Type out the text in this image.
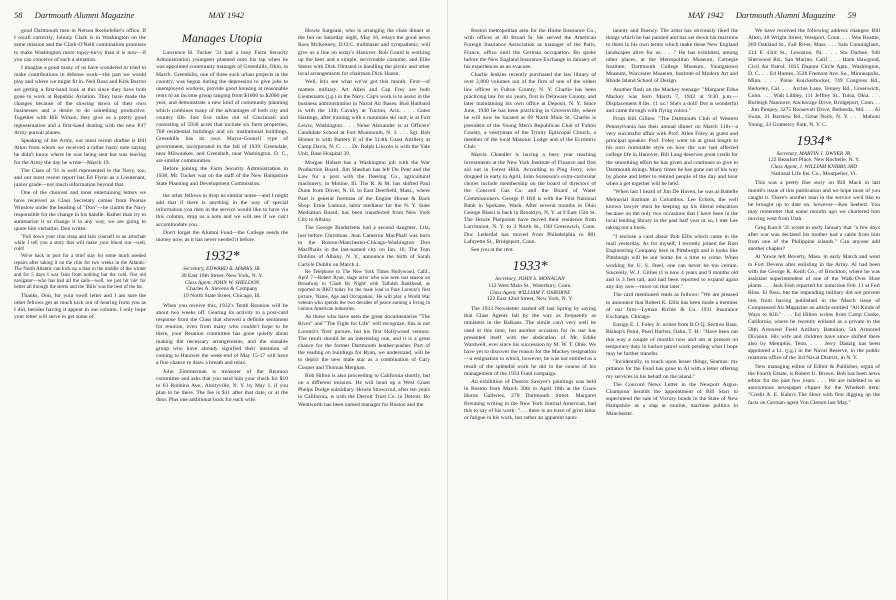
58 Dartmouth Alumni Magazine	MAY 1942

good Dartmouth men in Nelson Rockefeller's office. If I recall correctly, Johnny Clark is in Washington on the same mission and the Clark-O'Neill combination promises to make Washington more topsy-turvy than it is now—if you can conceive of such a situation.

I imagine a good many of us have wondered or tried to make contributions in defense work—the part we would play and where we might fit in. Neil Ross and Kirk Barron are getting a first-hand look at this since they have both gone to work at Republic Aviation. They have made the changes because of the slowing down of their own businesses and a desire to do something productive. Together with Bill Wilson, they give us a pretty good representation and a first-hand dealing with the new P47 Army pursuit planes.

Speaking of the Army, our most recent draftee is Bill Alton from whom we received a rather hasty note saying he didn't know where he was being sent but was leaving for the Army the day he wrote—March 19.

The Class of '31 is well represented in the Navy, too, and our most recent report has Ed Flynn as a Lieutenant, junior grade—not much information beyond that.

One of the choicest and most entertaining letters we have received as Class Secretary comes from Pearsie Winslow under the heading of "Don"—he claims the Navy responsible for the change in his handle. Rather than try to summarize it or change it in any way, we are going to quote him verbatim. Don writes:

"Pull down your chin strap and lash yourself in an armchair while I tell you a story that will make your blood run—well, cold!

We're back in port for a brief stay for some much needed repairs after taking it on the chin for two weeks in the Atlantic. The North Atlantic can kick up a dust in the middle of the winter and for 5 days I was faint from nothing but the cold. Our old navigator—who has had all the sails—well, we just hit 'ole' for better all through the storm and the 'Bills' was the best of the lot.

Thanks, Don, for your swell letter and I am sure the other fellows get as much kick out of hearing from you as I did, besides having it appear in our column. I only hope your letter will serve to get some of

Manages Utopia

Lawrence H. Tucker '31 had a busy Farm Security Administration youngster planned onto his lap when he was appointed community manager of Greenhills, Ohio, in March. Greenhills, one of three such urban projects in the country, was begun during the depression to give jobs to unemployed workers, provide good housing at reasonable rents to an income group ranging from $1000 to $2000 per year, and demonstrate a new kind of community planning which combines many of the advantages of both city and country life. Just five miles out of Cincinnati and consisting of 5930 acres that include six farm properties, 768 residential buildings and six institutional buildings, Greenhills has its own Mayor-Council type of government, incorporated in the fall of 1939. Greendale, near Milwaukee, and Greenbelt, near Washington, D. C., are similar communities.

Before joining the Farm Security Administration in 1938, Mr. Tucker was on the staff of the New Hampshire State Planning and Development Commission.

the other fellows to drop us similar notes—and I might add that if there is anything in the way of special information you men in the service would like to have via this column, drop us a note and we will see if we can't accommodate you.

Don't forget the Alumni Fund—the College needs the money now, as it has never needed it before.

1932*
Secretary, EDWARD B. MARKS JR.
30 East 10th Street, New York, N. Y.
Class Agent, JOHN W. SHELDON
Charles A. Stevens & Company
19 North State Street, Chicago, Ill.

When you receive this, 1932's Tenth Reunion will be about two weeks off. Gearing its activity to a post-card response from the Class that showed a definite sentiment for reunion, even from many who couldn't hope to be there, your Reunion committee has gone quietly about making the necessary arrangements, and the sizeable group who have already signified their intention of coming to Hanover the week-end of May 15-17 will have a fine chance to draw a breath and relax.

John Zimmerman is treasurer of the Reunion committee and asks that you send him your check for $10 to 63 Robbins Ave., Amityville, N. Y. by May 1, if you plan to be there. The fee is $11 after that date, or at the door. Plus one additional buck for each wife.

Howie Sargeant, who is arranging the class dinner at the Inn on Saturday night, May 16, relays the good news Ross McKenney, D.O.C. trailblazer and sympathetic, will give us a line on today's Hanover. Bob Gould is working up the beer and a simple, serviceable costume, and Ellie Steers with Dick Olmsted is handling the picnic and other local arrangements for chairman Dick Hazen.

Well, let's see what we've got this month. First—of matters military. Art Allen and Cap Frey are both Lieutenants (j.g.) in the Navy. Cap's work is to assist in the business administration in Naval Air Bases. Bud Hubbard is with the 14th Cavalry at Tucson, Ariz. . . . Gates Hastings, after training with a mountain ski unit, is at Fort Lewis, Washington . . . Nelse Alexander is at Officers' Candidate School at Fort Monmouth, N. J. . . . Sgt. Bob Homer is with Battery E of the 514th Coast Artillery at Camp Davis, N. C. . . . Dr. Ralph Lincoln is with the Yale Unit, Base Hospital 39.

Morgan Hobart has a Washington job with the War Production Board. Jim Sheehan has left Du Pont and the Law for a post with the Deering Co., agricultural machinery, in Moline, Ill. The R. & M. has shifted Paul Dunn from Dover, N. H. to East Deerfield, Mass., where Paul is general foreman of the Engine House & Back Shop. Ernie Lamour, labor mediator for the N. Y. State Mediation Board, has been transferred from New York City to Albany.

The George Bradstreets had a second daughter, Lila, just before Christmas. Jean Cameron MacPhail was born to the Boston-Manchester-Chicago-Washington Don MacPhails in the last-named city on Jan. 16. The Tom Dublins of Albany, N. Y., announce the birth of Sarah Carlyle Dublin on March 4.

Re Telephone to The New York Times Hollywood, Calif., April 7—Robert Ryan, stage actor who was seen last season on Broadway in 'Clash By Night' with Tallulah Bankhead, as reported to RKO today for the male lead in Pare Lorentz's first picture, 'Name, Age and Occupation.' He will play a World War veteran who spends the two decades of peace earning a living in various American industries.

As those who have seen the great documentaries "The River" and "The Fight for Life" will recognize, this is not Lorentz's 'first' picture, but his first Hollywood venture. The result should be an interesting one, and it is a great chance for the former Dartmouth leather-pusher. Part of the reading on buildings for Ryan, we understand, will be to depict the new male star as a combination of Gary Cooper and Thomas Meighan.

Bob Hilton is also proceeding to California shortly, but on a different mission. He will head up a West Coast Phelps Dodge subsidiary. Howie Strawcoul, after ten years in California, is with the Detroit Trust Co. in Detroit. Bo Wentworth has been named manager for Boston and the

MAY 1942 Dartmouth Alumni Magazine 59

Boston metropolitan area for the Home Insurance Co., with offices at 40 Broad St. He served the American Foreign Insurance Association as manager of the Paris, France, office until the German occupation. Bo spoke before the New England Insurance Exchange in January of his experiences as an evacuee.

Charlie Jenkins recently purchased the law library of over 2,000 volumes out of the firm of one of the oldest law offices in Fulton County, N. Y. Charlie has been practicing law for six years, first in Delaware County, and later maintaining his own office at Deposit, N. Y. Since June, 1940 he has been practicing in Gloversville, where he will now be located at 69 North Main St. Charlie is president of the Young Men's Republican Club of Fulton County, a vestryman of the Trinity Episcopal Church, a member of the local Masonic Lodge and of the Eccentric Club.

Marcie Chandler is having a busy year teaching investments at the New York Institute of Finance and first aid out in Forest Hills. According to Ping Ferry, who dropped in early in April, John Sorenson's extra-curricular chores include membership on the board of directors of the Concord Gas Co. and the Board of Water Commissioners. George P. Hill is with the First National Bank in Spokane, Wash. After several months in Ohio George Blaisi is back in Brooklyn, N. Y. at 9 East 15th St. The Howie Pierpoints have moved their residence from Larchmont, N. Y. to 3 North St., Old Greenwich, Conn. Doc Lederdal has moved from Philadelphia to 881 Lafayette St., Bridgeport, Conn.

See you at the rent.

1933*
Secretary, JOHN S. MONAGAN
112 West Main St., Waterbury, Conn.
Class Agent, WILLIAM T. OSBORNE
122 East 42nd Street, New York, N. Y.

The 1933 Newsletter started off last Spring by saying that Class Agents fall by the way as frequently as ministers in the Balkans. The simile can't very well be used at this time, but another occasion for its use has presented itself with the abdication of Mr. Eddie Wardwell, ever since his succession by M. W. T. Ohle. We have yet to discover the reason for the Mackey resignation—a resignation to which, however, he was not entitled as a result of the splendid work he did in the course of his management of the 1933 Fund campaign.

An exhibition of Dunton Sawyer's paintings was held in Boston from March 30th to April 18th at the Grace Horne Galleries, 270 Dartmouth Street. Margaret Breuning writing in the New York Journal American, had this to say of his work: ". . . there is no trace of grim labor or fatigue in his work, but rather an apparent spon-

taneity and fluency. The artist has obviously liked the things which he has painted and has set down his reactions to them in his own terms which make these New England landscapes alive for us. . . ." He has exhibited, among other places, at the Metropolitan Museum, Carnegie Institute, Dartmouth College Museum, Youngstown Museum, Worcester Museum, Institute of Modern Art and Rhode Island School of Design.

Another flash on the Mackey menage: "Margaret Edna Mackey was born March 7, 1942 at 9:30 p.m.—Displacement 8 lbs. 11 oz.! She's a doll! Dot is wonderful and came through with flying colors."

From Bill Gillies: "The Dartmouth Club of Western Pennsylvania has their annual dinner on March 11th—a very successful affair with Prof. Allen Foley as guest and principal speaker. Prof. Foley went on at great length in his own inimitable style on how the war had affected college life in Hanover. Bill Lang deserves great credit for the smoothing effort he has given and continues to give to Dartmouth doings. Many times he has gone out of his way by phone and letter to remind people of the day and hour when a get together will be held.

"When last I heard of Jim De Haven, he was at Battelle Memorial Institute in Columbus. Lee Echols, the well known lawyer must be keeping up his liberal education because on the only two occasions that I have been in the local lending library in the past half year or so, I met Lee taking out a book.

"I enclose a card about Bob Ellis which came in the mail yesterday. As for myself, I recently joined the Rust Engineering Company here in Pittsburgh and it looks like Pittsburgh will be our home for a time to come. When working for U. S. Steel, one can never be too certain. Sincerely, W. J. Gillies (I is now 4 years and 9 months old and is 3 feet tall, and had been reported to expand again any day now—more on that later."

The card mentioned reads as follows: "We are pleased to announce that Robert K. Ellis has been made a member of our firm—Lyman Richie & Co. 1931 Insurance Exchange, Chicago.

Ensign E. J. Foley Jr. writes from B.O.Q. Section Base, Bishop's Point, Pearl Harbor, Oahu, T. H.: "Have been out this way a couple of months now and am at present on temporary duty in harbor patrol work pending what I hope may be further transfer.

"Incidentally, to touch upon lesser things, Seamus: my pittance for the Fund has gone to Al with a letter offering my services in his behalf on the island."

The Concord News Letter in the Newport Argus-Champion heralds the appointment of Bill Starr to superintend the sale of Victory bonds in the State of New Hampshire as a slap at routine, machine politics in Manchester.

We have received the following address changes: Bill Alton, 48 Wright Street, Westport, Conn. . . . Wes Beattie, 269 Oakland St., Fall River, Mass. . . . Sam Cunningham, 314 E 43rd St., Lewiston, Pa. . . . Stu Darbee, 946 Sherwood Rd., San Marino, Calif. . . . Hank Hawgood, Civil Air Patrol, 1015 Dupont Circle Apts., Washington, D. C. . . . Ed Humes, 3528 Fremont Ave. So., Minneapolis, Minn. . . . Paine Knickerbocker, 749 Congress Rd., Berkeley, Cal. . . . Archie Lane, Tenney Rd., Greenwich, Conn. . . . Walt Libbey, 111 Jeffrey St., Tulsa, Okla. . . . Burleigh Nanmore, Anchorage Drive, Bridgeport, Conn. . . . Jim Pimpey, 3275 Roosevelt Drive, Bethesda, Md. . . . Al Swan, 21 Barstow Rd., Great Neck, N. Y. . . . Mahoni Young, 24 Gramercy Park, N. Y. C.

1934*
Secretary, MARTIN J. DWYER JR.
122 Beaufort Place, New Rochelle, N. Y.
Class Agent, J. WILLIAM KNIBBS 3RD
National Life Ins. Co., Montpelier, Vt.

This was a pretty fine story on Bill Mack in last month's issue of this publication and we hope most of you caught it. There's another man in the service we'd like to be brought up to date on, however—Ken Seebert. You may remember that some months ago we chartered him moving west from Utah.

Greg Karch '35 wrote in early January that "a few days after war was declared his mother had a cable from him from one of the Philippine islands." Can anyone add another chapter?

Al Yawie left Beverly, Mass. in early March and went to Fort Devens after enlisting in the Army. Al had been with the George R. Keith Co., of Brockton, where he was assistant superintendent of one of the Walk-Over Shoe plants. . . . Jack Fesh reported for induction Feb. 11 at Fort Bliss. El Paso, but the impending military did not prevent him from having published in the March issue of Compressed Air Magazine an article entitled "All Kinds of Ways to Kill." . . . Ed Hilton writes from Camp Cooke, California, where he recently enlisted as a private in the 58th Armored Field Artillery Battalion, 5th Armored Division. His wife and children have since shifted there also by Memphis, Tenn. . . . Jerry Danzig has been appointed a Lt. (j.g.) in the Naval Reserve, in the public relations office of the 3rd Naval District, in N. Y.

New managing editor of Editor & Publisher, organ of the Fourth Estate, is Robert U. Brown. Bob has been news editor for the past few years. . . . We are indebted to an anonymous newspaper clipper for the Windsell item: "Credit A. E. Kahn's The Hour with first digging up the facts on German agent Von Clemm last May."
